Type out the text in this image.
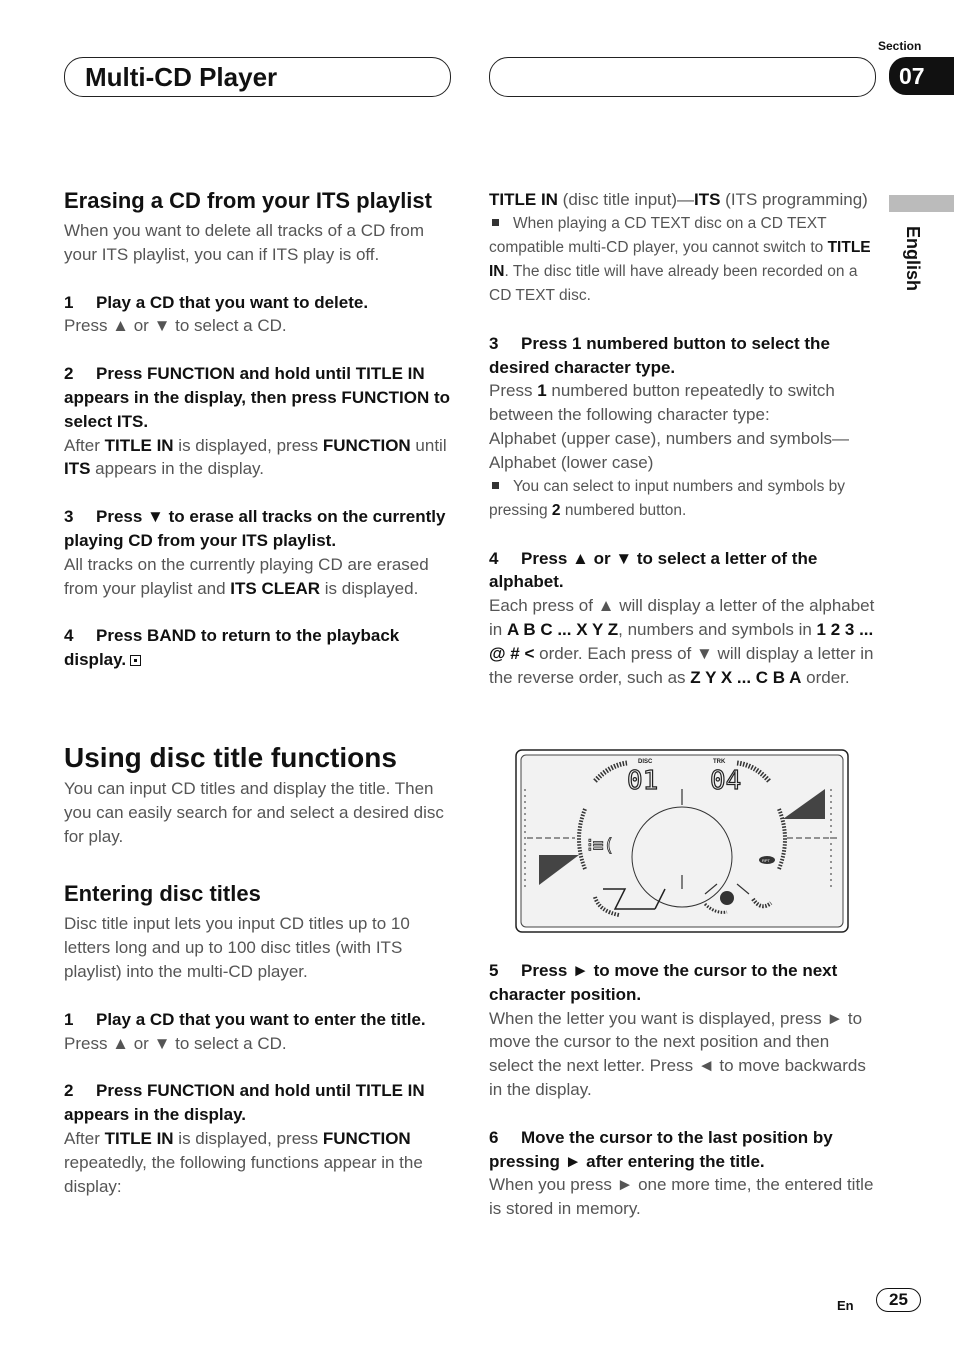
Multi-CD Player
Section
07
English
Erasing a CD from your ITS playlist

When you want to delete all tracks of a CD from your ITS playlist, you can if ITS play is off.

1 Play a CD that you want to delete.

Press ▲ or ▼ to select a CD.

2 Press FUNCTION and hold until TITLE IN appears in the display, then press FUNCTION to select ITS.

After TITLE IN is displayed, press FUNCTION until ITS appears in the display.

3 Press ▼ to erase all tracks on the currently playing CD from your ITS playlist.

All tracks on the currently playing CD are erased from your playlist and ITS CLEAR is displayed.

4 Press BAND to return to the playback display.

Using disc title functions

You can input CD titles and display the title. Then you can easily search for and select a desired disc for play.

Entering disc titles

Disc title input lets you input CD titles up to 10 letters long and up to 100 disc titles (with ITS playlist) into the multi-CD player.

1 Play a CD that you want to enter the title.

Press ▲ or ▼ to select a CD.

2 Press FUNCTION and hold until TITLE IN appears in the display.

After TITLE IN is displayed, press FUNCTION repeatedly, the following functions appear in the display:

TITLE IN (disc title input)—ITS (ITS programming)

When playing a CD TEXT disc on a CD TEXT compatible multi-CD player, you cannot switch to TITLE IN. The disc title will have already been recorded on a CD TEXT disc.

3 Press 1 numbered button to select the desired character type.

Press 1 numbered button repeatedly to switch between the following character type:

Alphabet (upper case), numbers and symbols—Alphabet (lower case)

You can select to input numbers and symbols by pressing 2 numbered button.

4 Press ▲ or ▼ to select a letter of the alphabet.

Each press of ▲ will display a letter of the alphabet in A B C ... X Y Z, numbers and symbols in 1 2 3 ... @ # < order. Each press of ▼ will display a letter in the reverse order, such as Z Y X ... C B A order.

DISC	TRK
01 04
⁝≡(
RPT

5 Press ► to move the cursor to the next character position.

When the letter you want is displayed, press ► to move the cursor to the next position and then select the next letter. Press ◄ to move backwards in the display.

6 Move the cursor to the last position by pressing ► after entering the title.

When you press ► one more time, the entered title is stored in memory.

En	25
